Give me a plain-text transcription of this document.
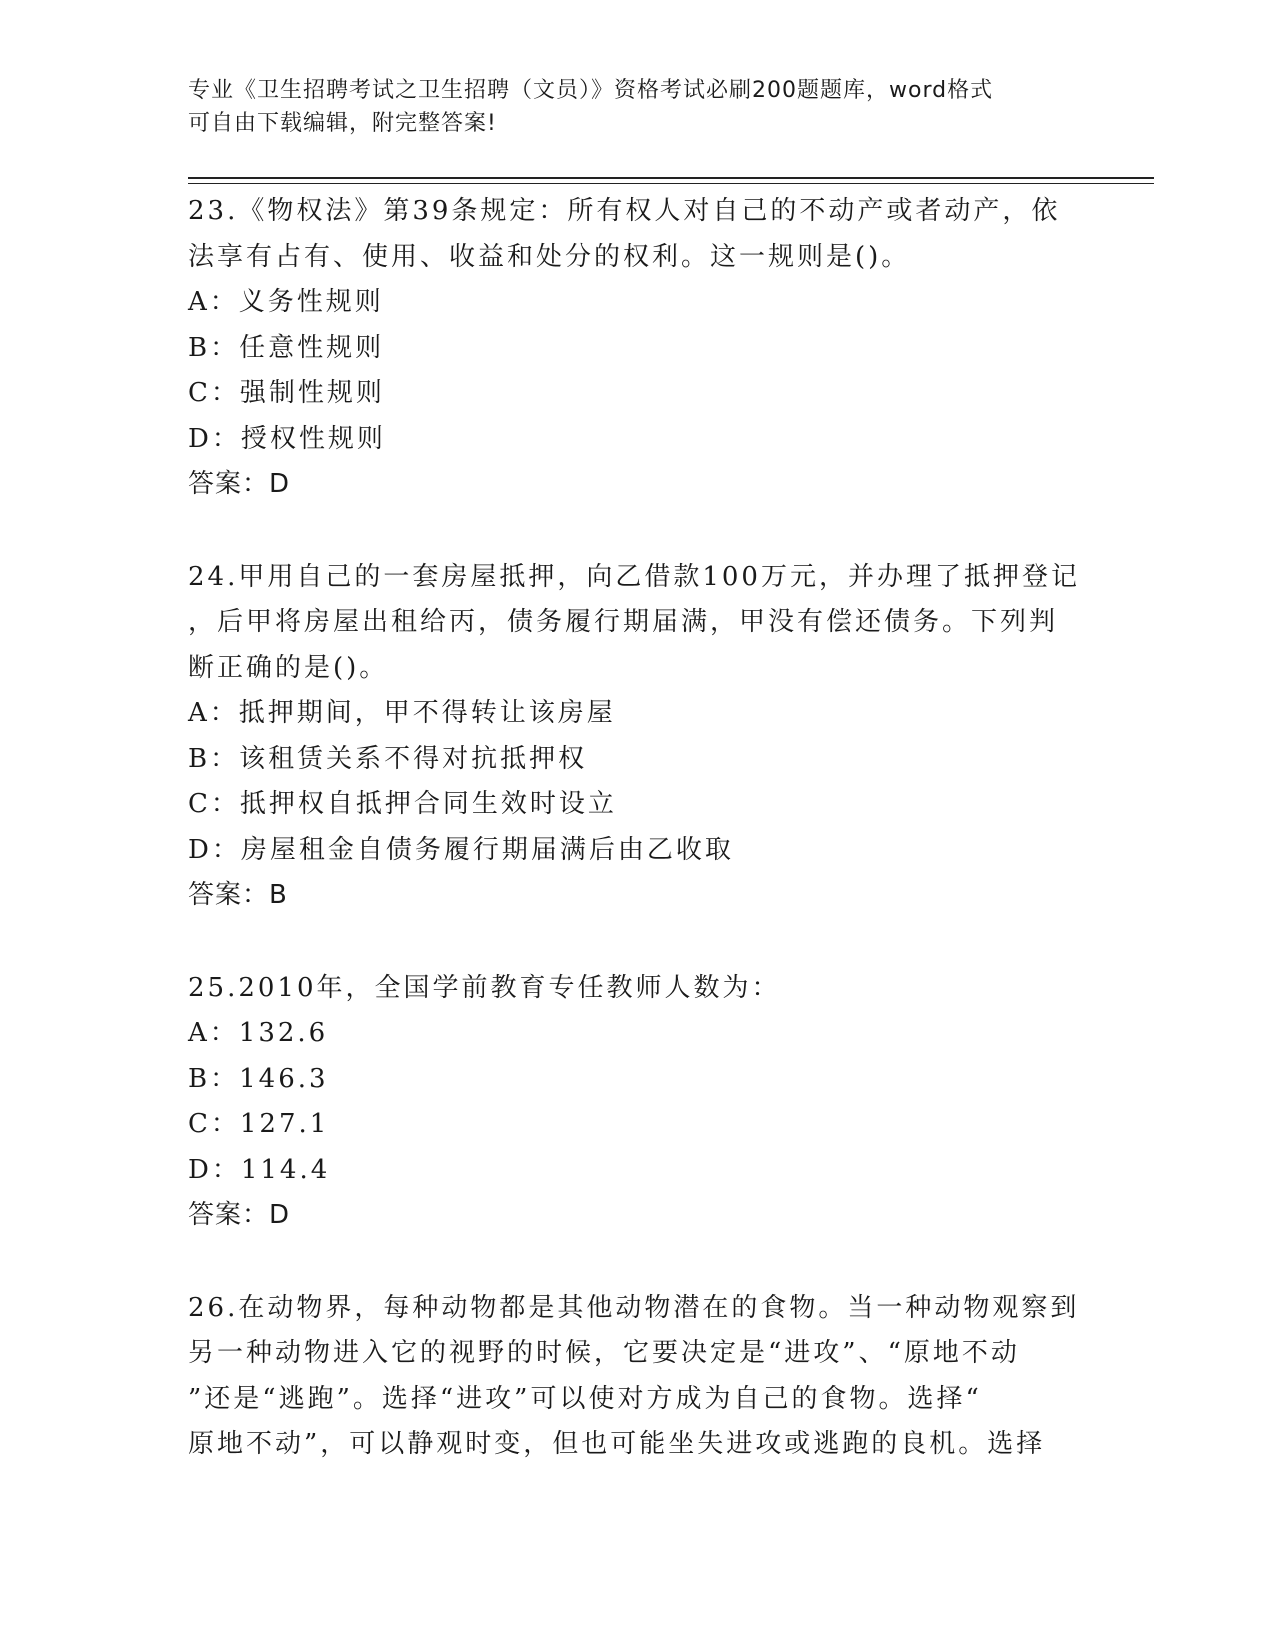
专业《卫生招聘考试之卫生招聘（文员）》资格考试必刷200题题库，word格式

可自由下载编辑，附完整答案!

23.《物权法》第39条规定：所有权人对自己的不动产或者动产，依
法享有占有、使用、收益和处分的权利。这一规则是()。

A：义务性规则

B：任意性规则

C：强制性规则

D：授权性规则

答案：D

24.甲用自己的一套房屋抵押，向乙借款100万元，并办理了抵押登记
，后甲将房屋出租给丙，债务履行期届满，甲没有偿还债务。下列判
断正确的是()。

A：抵押期间，甲不得转让该房屋

B：该租赁关系不得对抗抵押权

C：抵押权自抵押合同生效时设立

D：房屋租金自债务履行期届满后由乙收取

答案：B

25.2010年，全国学前教育专任教师人数为：

A：132.6

B：146.3

C：127.1

D：114.4

答案：D

26.在动物界，每种动物都是其他动物潜在的食物。当一种动物观察到
另一种动物进入它的视野的时候，它要决定是“进攻”、“原地不动
”还是“逃跑”。选择“进攻”可以使对方成为自己的食物。选择“
原地不动”，可以静观时变，但也可能坐失进攻或逃跑的良机。选择
